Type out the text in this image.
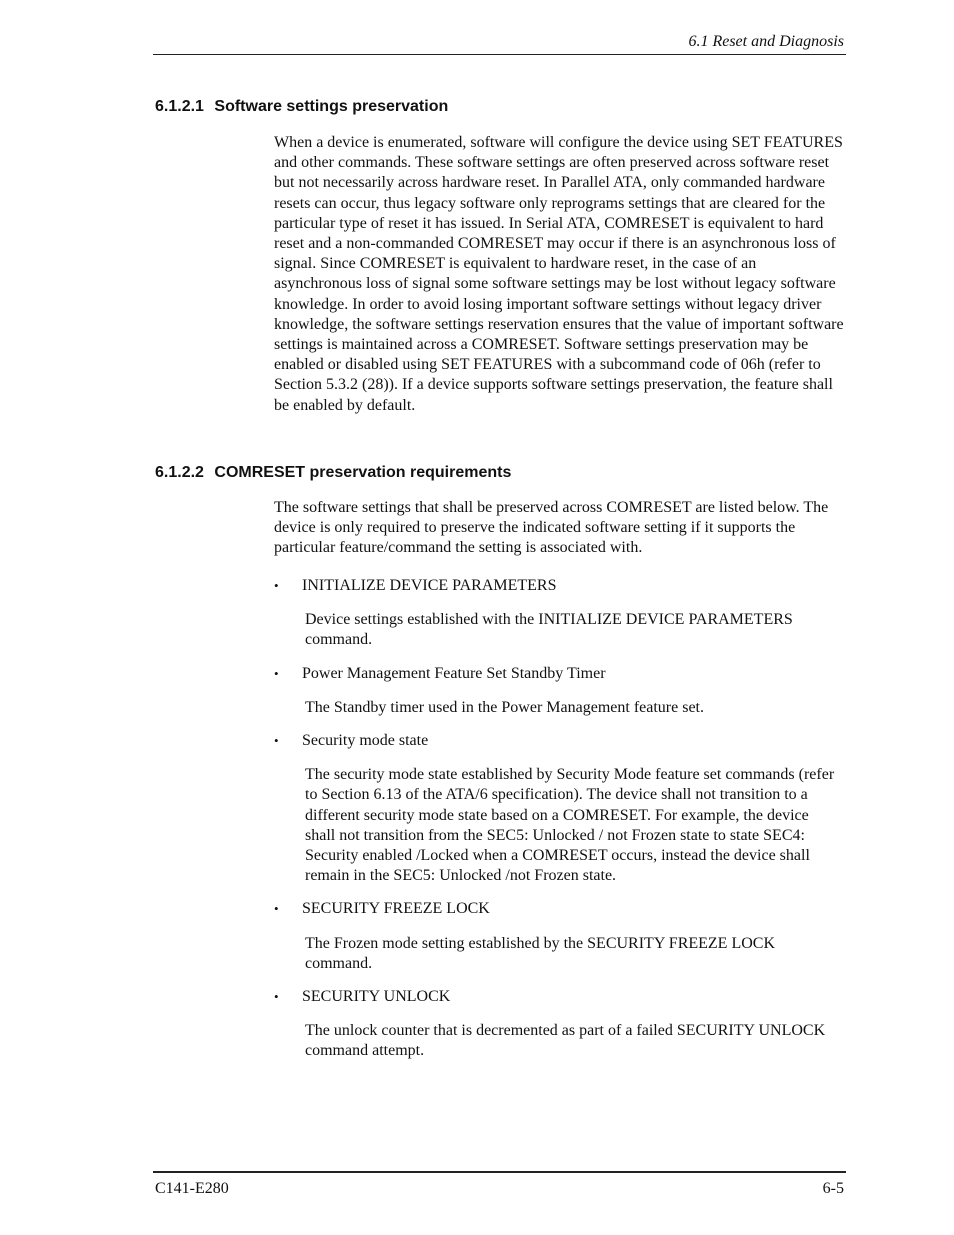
6.1 Reset and Diagnosis
6.1.2.1 Software settings preservation

When a device is enumerated, software will configure the device using SET FEATURES and other commands. These software settings are often preserved across software reset but not necessarily across hardware reset. In Parallel ATA, only commanded hardware resets can occur, thus legacy software only reprograms settings that are cleared for the particular type of reset it has issued. In Serial ATA, COMRESET is equivalent to hard reset and a non-commanded COMRESET may occur if there is an asynchronous loss of signal. Since COMRESET is equivalent to hardware reset, in the case of an asynchronous loss of signal some software settings may be lost without legacy software knowledge. In order to avoid losing important software settings without legacy driver knowledge, the software settings reservation ensures that the value of important software settings is maintained across a COMRESET. Software settings preservation may be enabled or disabled using SET FEATURES with a subcommand code of 06h (refer to Section 5.3.2 (28)). If a device supports software settings preservation, the feature shall be enabled by default.

6.1.2.2 COMRESET preservation requirements

The software settings that shall be preserved across COMRESET are listed below. The device is only required to preserve the indicated software setting if it supports the particular feature/command the setting is associated with.

• INITIALIZE DEVICE PARAMETERS
Device settings established with the INITIALIZE DEVICE PARAMETERS command.
• Power Management Feature Set Standby Timer
The Standby timer used in the Power Management feature set.
• Security mode state
The security mode state established by Security Mode feature set commands (refer to Section 6.13 of the ATA/6 specification). The device shall not transition to a different security mode state based on a COMRESET. For example, the device shall not transition from the SEC5: Unlocked / not Frozen state to state SEC4: Security enabled /Locked when a COMRESET occurs, instead the device shall remain in the SEC5: Unlocked /not Frozen state.
• SECURITY FREEZE LOCK
The Frozen mode setting established by the SECURITY FREEZE LOCK command.
• SECURITY UNLOCK
The unlock counter that is decremented as part of a failed SECURITY UNLOCK command attempt.
C141-E280	6-5
